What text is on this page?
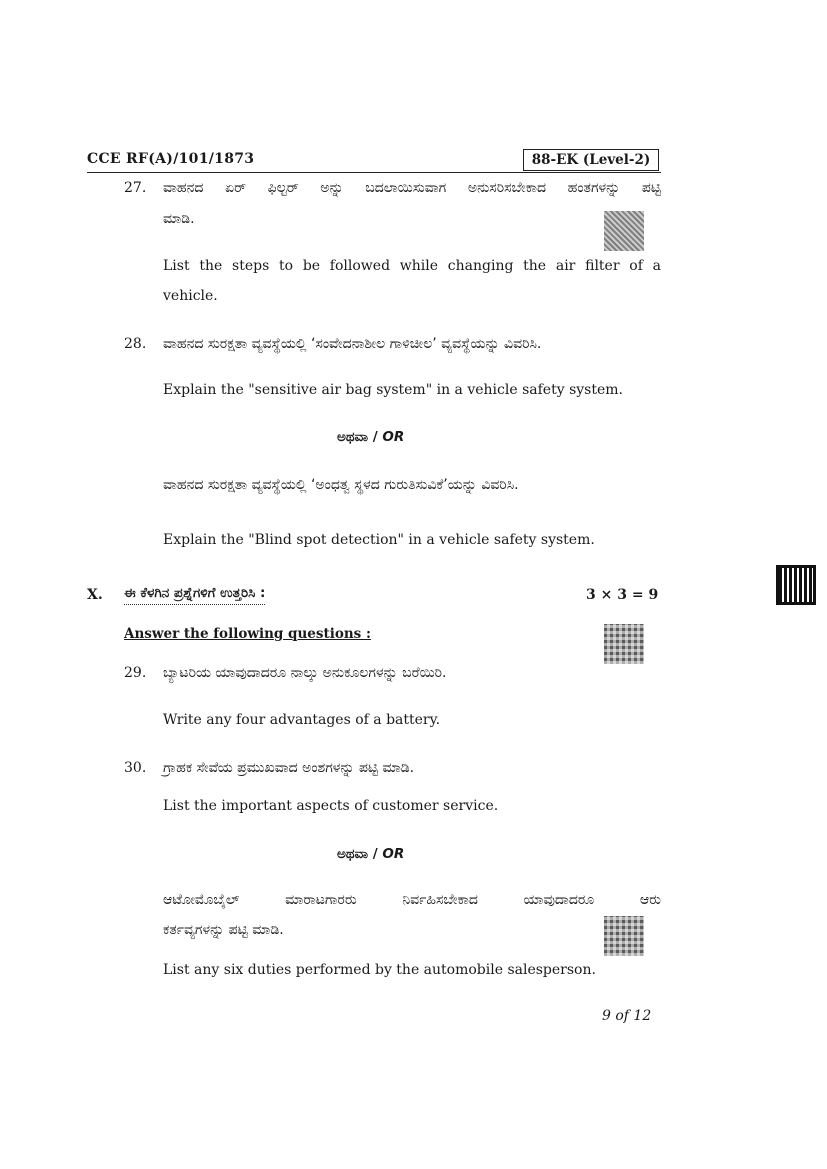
CCE RF(A)/101/1873	88-EK (Level-2)
27. ವಾಹನದ ಏರ್ ಫಿಲ್ಟರ್ ಅನ್ನು ಬದಲಾಯಿಸುವಾಗ ಅನುಸರಿಸಬೇಕಾದ ಹಂತಗಳನ್ನು ಪಟ್ಟಿ
ಮಾಡಿ.
List the steps to be followed while changing the air filter of a
vehicle.
28. ವಾಹನದ ಸುರಕ್ಷತಾ ವ್ಯವಸ್ಥೆಯಲ್ಲಿ ‘ಸಂವೇದನಾಶೀಲ ಗಾಳಿಚೀಲ’ ವ್ಯವಸ್ಥೆಯನ್ನು ವಿವರಿಸಿ.
Explain the "sensitive air bag system" in a vehicle safety system.
ಅಥವಾ / OR
ವಾಹನದ ಸುರಕ್ಷತಾ ವ್ಯವಸ್ಥೆಯಲ್ಲಿ ‘ಅಂಧತ್ವ ಸ್ಥಳದ ಗುರುತಿಸುವಿಕೆ’ಯನ್ನು ವಿವರಿಸಿ.
Explain the "Blind spot detection" in a vehicle safety system.
X. ಈ ಕೆಳಗಿನ ಪ್ರಶ್ನೆಗಳಿಗೆ ಉತ್ತರಿಸಿ :	3 × 3 = 9
Answer the following questions :
29. ಬ್ಯಾಟರಿಯ ಯಾವುದಾದರೂ ನಾಲ್ಕು ಅನುಕೂಲಗಳನ್ನು ಬರೆಯಿರಿ.
Write any four advantages of a battery.
30. ಗ್ರಾಹಕ ಸೇವೆಯ ಪ್ರಮುಖವಾದ ಅಂಶಗಳನ್ನು ಪಟ್ಟಿ ಮಾಡಿ.
List the important aspects of customer service.
ಅಥವಾ / OR
ಆಟೋಮೊಬೈಲ್ ಮಾರಾಟಗಾರರು ನಿರ್ವಹಿಸಬೇಕಾದ ಯಾವುದಾದರೂ ಆರು
ಕರ್ತವ್ಯಗಳನ್ನು ಪಟ್ಟಿ ಮಾಡಿ.
List any six duties performed by the automobile salesperson.
9 of 12
